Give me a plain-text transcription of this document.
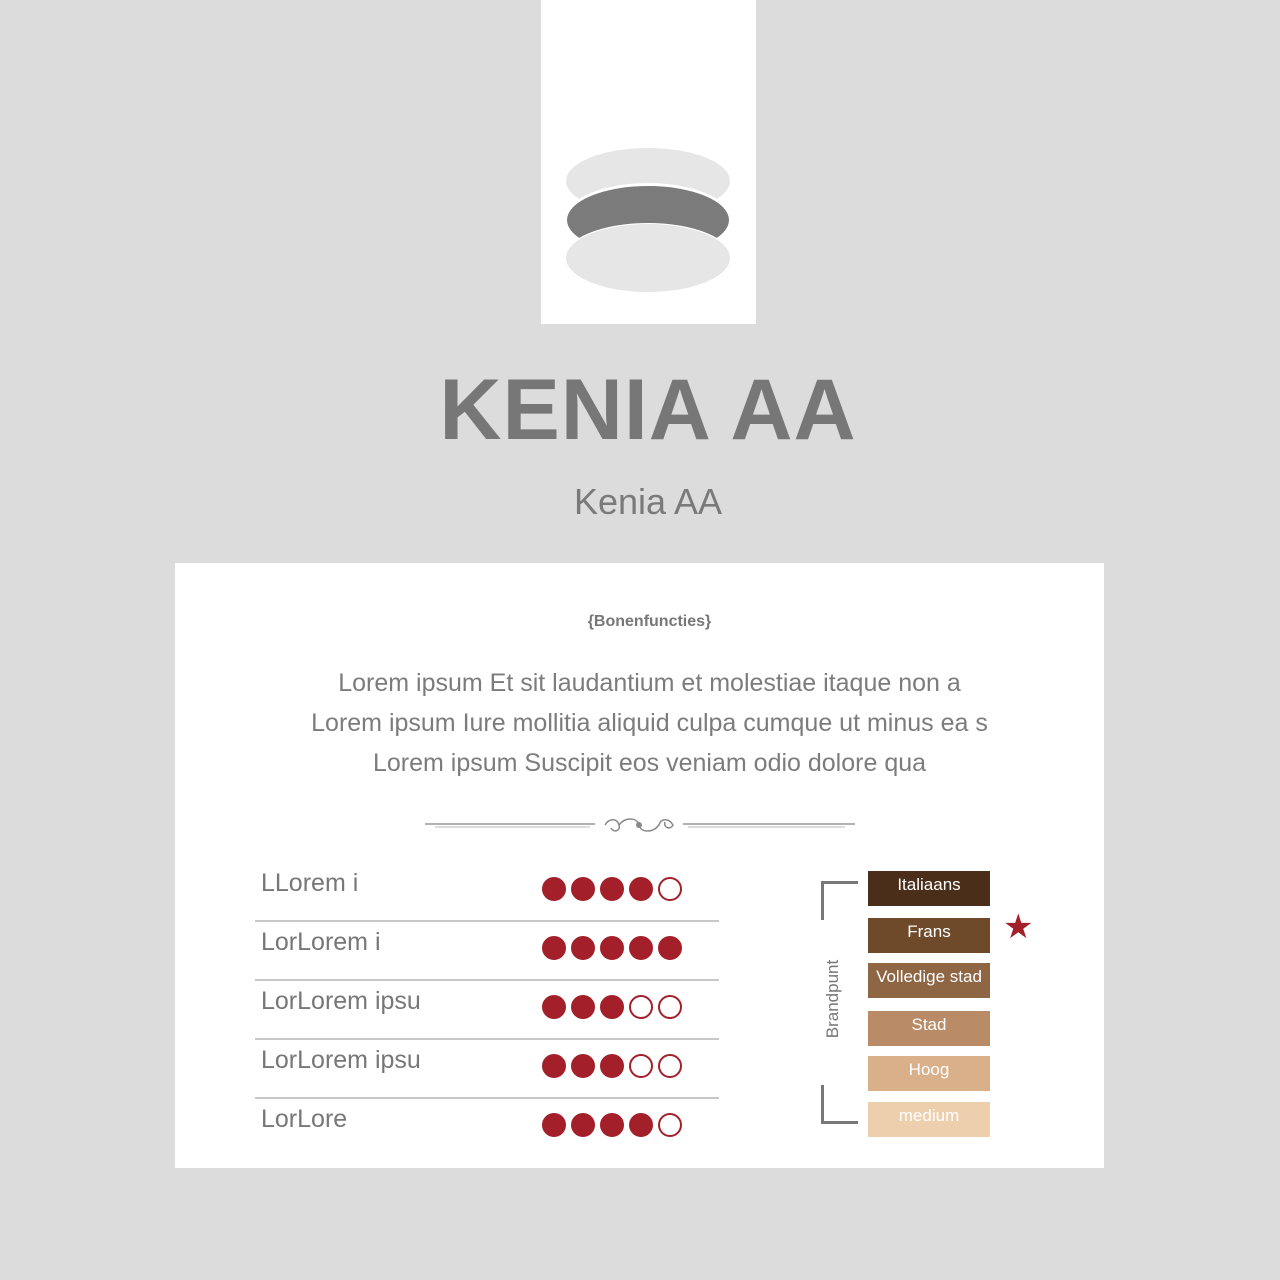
KENIA AA
Kenia AA
{Bonenfuncties}
Lorem ipsum Et sit laudantium et molestiae itaque non a
Lorem ipsum Iure mollitia aliquid culpa cumque ut minus ea s
Lorem ipsum Suscipit eos veniam odio dolore qua
LLorem i
LorLorem i
LorLorem ipsu
LorLorem ipsu
LorLore
Brandpunt
Italiaans
Frans
Volledige stad
Stad
Hoog
medium
★
